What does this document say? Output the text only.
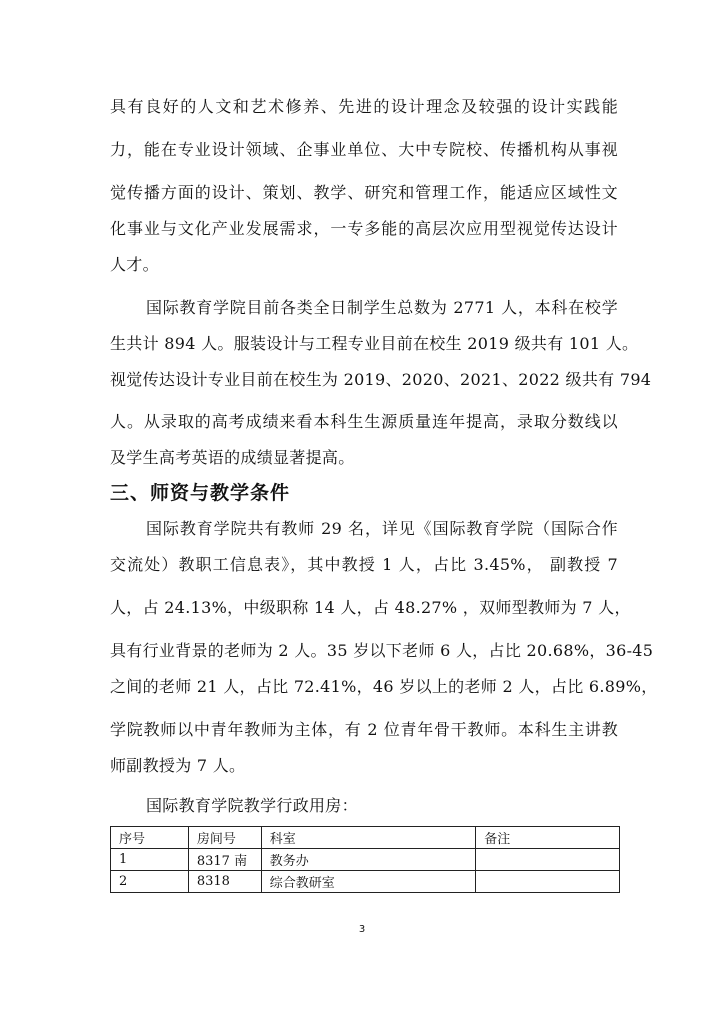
具有良好的人文和艺术修养、先进的设计理念及较强的设计实践能
力，能在专业设计领域、企事业单位、大中专院校、传播机构从事视
觉传播方面的设计、策划、教学、研究和管理工作，能适应区域性文
化事业与文化产业发展需求，一专多能的高层次应用型视觉传达设计
人才。
国际教育学院目前各类全日制学生总数为 2771 人，本科在校学
生共计 894 人。服装设计与工程专业目前在校生 2019 级共有 101 人。
视觉传达设计专业目前在校生为 2019、2020、2021、2022 级共有 794
人。从录取的高考成绩来看本科生生源质量连年提高，录取分数线以
及学生高考英语的成绩显著提高。
三、师资与教学条件
国际教育学院共有教师 29 名，详见《国际教育学院（国际合作
交流处）教职工信息表》，其中教授 1 人，占比 3.45%， 副教授 7
人，占 24.13%，中级职称 14 人，占 48.27% ，双师型教师为 7 人，
具有行业背景的老师为 2 人。35 岁以下老师 6 人，占比 20.68%，36-45
之间的老师 21 人，占比 72.41%，46 岁以上的老师 2 人，占比 6.89%，
学院教师以中青年教师为主体，有 2 位青年骨干教师。本科生主讲教
师副教授为 7 人。
国际教育学院教学行政用房：
序号	房间号	科室	备注
1	8317 南	教务办	
2	8318	综合教研室	
3
